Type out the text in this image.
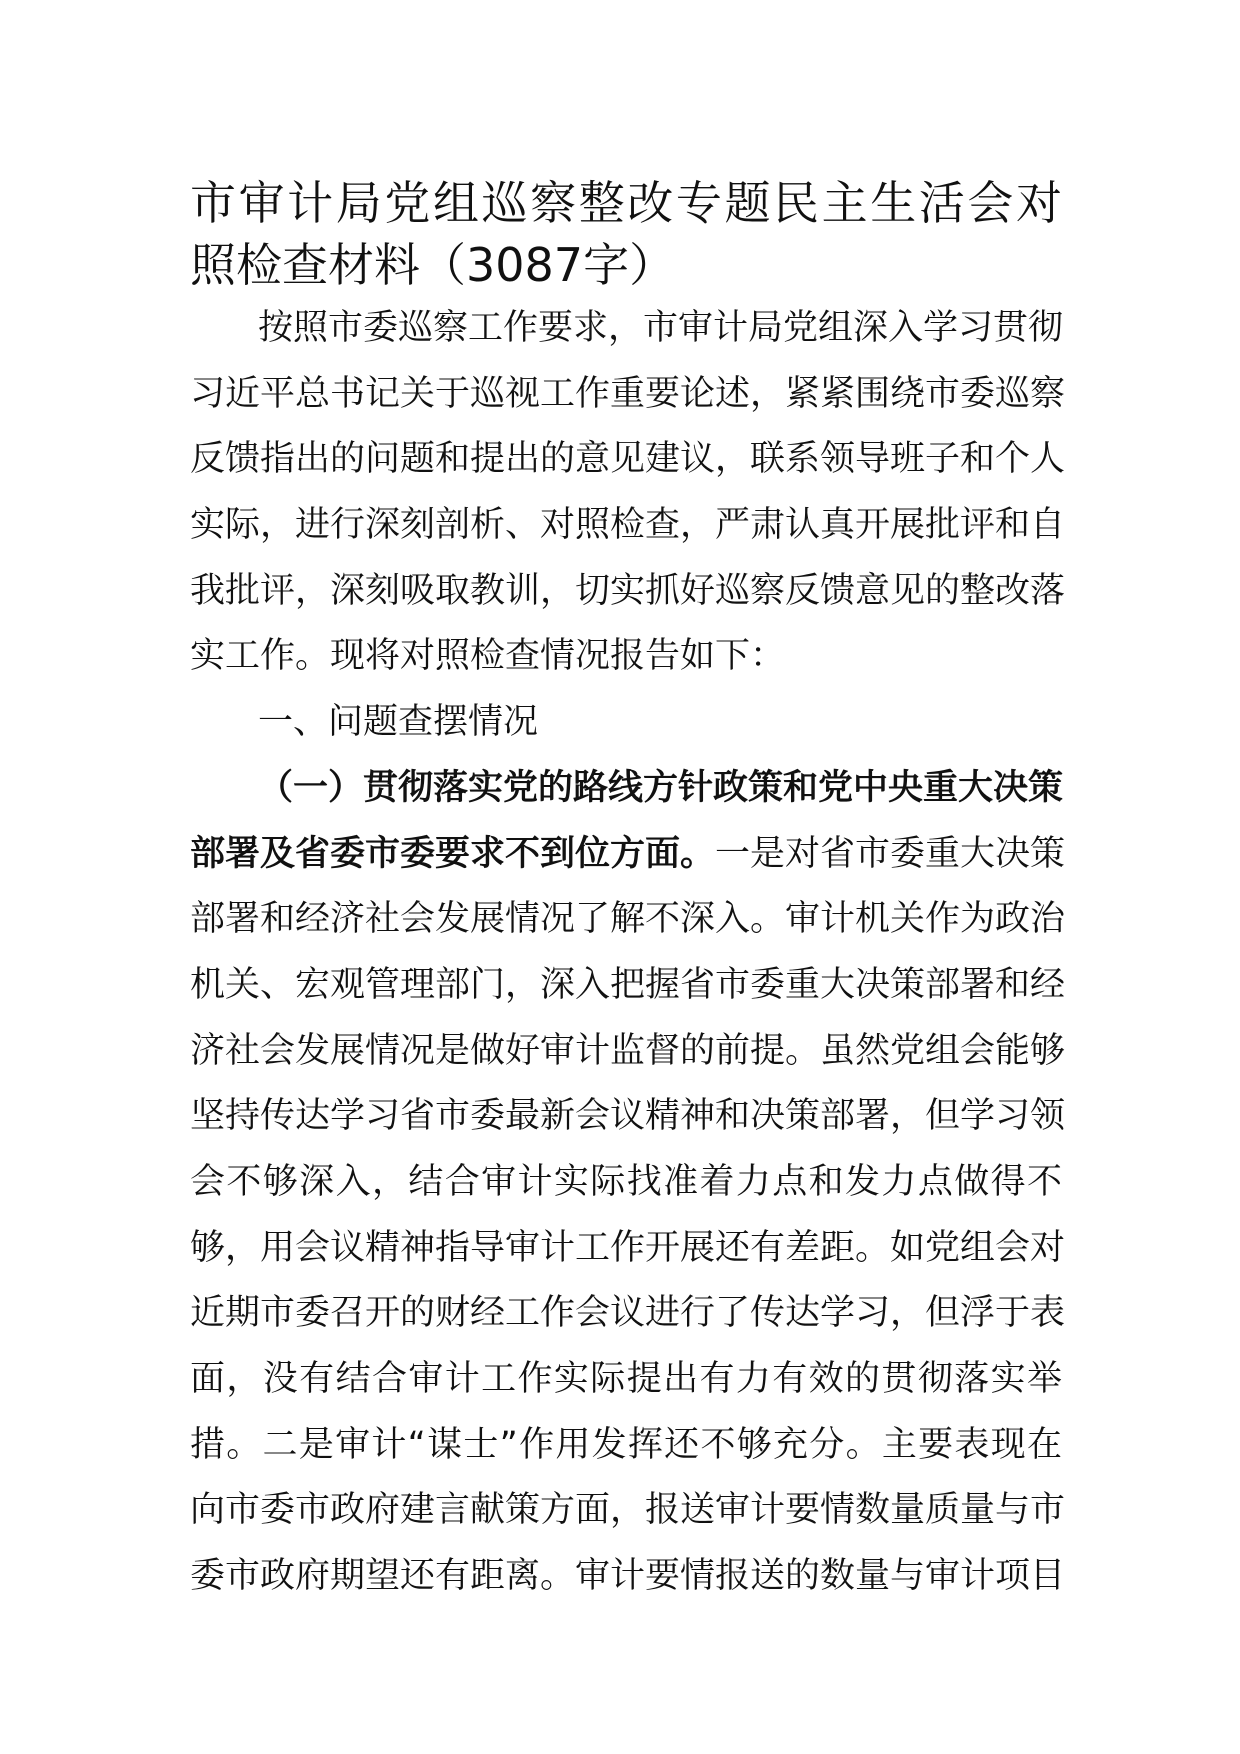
市审计局党组巡察整改专题民主生活会对
照检查材料（3087字）
按照市委巡察工作要求，市审计局党组深入学习贯彻
习近平总书记关于巡视工作重要论述，紧紧围绕市委巡察
反馈指出的问题和提出的意见建议，联系领导班子和个人
实际，进行深刻剖析、对照检查，严肃认真开展批评和自
我批评，深刻吸取教训，切实抓好巡察反馈意见的整改落
实工作。现将对照检查情况报告如下：
一、问题查摆情况
（一）贯彻落实党的路线方针政策和党中央重大决策
部署及省委市委要求不到位方面。一是对省市委重大决策
部署和经济社会发展情况了解不深入。审计机关作为政治
机关、宏观管理部门，深入把握省市委重大决策部署和经
济社会发展情况是做好审计监督的前提。虽然党组会能够
坚持传达学习省市委最新会议精神和决策部署，但学习领
会不够深入，结合审计实际找准着力点和发力点做得不
够，用会议精神指导审计工作开展还有差距。如党组会对
近期市委召开的财经工作会议进行了传达学习，但浮于表
面，没有结合审计工作实际提出有力有效的贯彻落实举
措。二是审计“谋士”作用发挥还不够充分。主要表现在
向市委市政府建言献策方面，报送审计要情数量质量与市
委市政府期望还有距离。审计要情报送的数量与审计项目
